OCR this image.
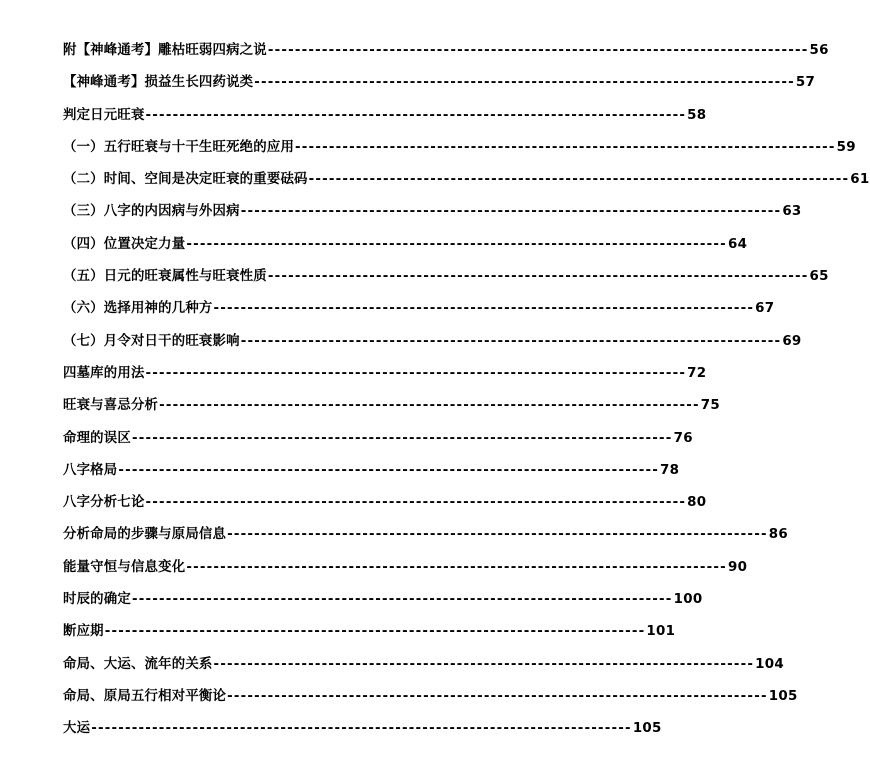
附【神峰通考】雕枯旺弱四病之说 -------------------------------------------------------------------------------- 56
【神峰通考】损益生长四药说类 -------------------------------------------------------------------------------- 57
判定日元旺衰 -------------------------------------------------------------------------------- 58
（一）五行旺衰与十干生旺死绝的应用 -------------------------------------------------------------------------------- 59
（二）时间、空间是决定旺衰的重要砝码 -------------------------------------------------------------------------------- 61
（三）八字的内因病与外因病 -------------------------------------------------------------------------------- 63
（四）位置决定力量 -------------------------------------------------------------------------------- 64
（五）日元的旺衰属性与旺衰性质 -------------------------------------------------------------------------------- 65
（六）选择用神的几种方 -------------------------------------------------------------------------------- 67
（七）月令对日干的旺衰影响 -------------------------------------------------------------------------------- 69
四墓库的用法 -------------------------------------------------------------------------------- 72
旺衰与喜忌分析 -------------------------------------------------------------------------------- 75
命理的误区 -------------------------------------------------------------------------------- 76
八字格局 -------------------------------------------------------------------------------- 78
八字分析七论 -------------------------------------------------------------------------------- 80
分析命局的步骤与原局信息 -------------------------------------------------------------------------------- 86
能量守恒与信息变化 -------------------------------------------------------------------------------- 90
时辰的确定 -------------------------------------------------------------------------------- 100
断应期 -------------------------------------------------------------------------------- 101
命局、大运、流年的关系 -------------------------------------------------------------------------------- 104
命局、原局五行相对平衡论 -------------------------------------------------------------------------------- 105
大运 -------------------------------------------------------------------------------- 105
